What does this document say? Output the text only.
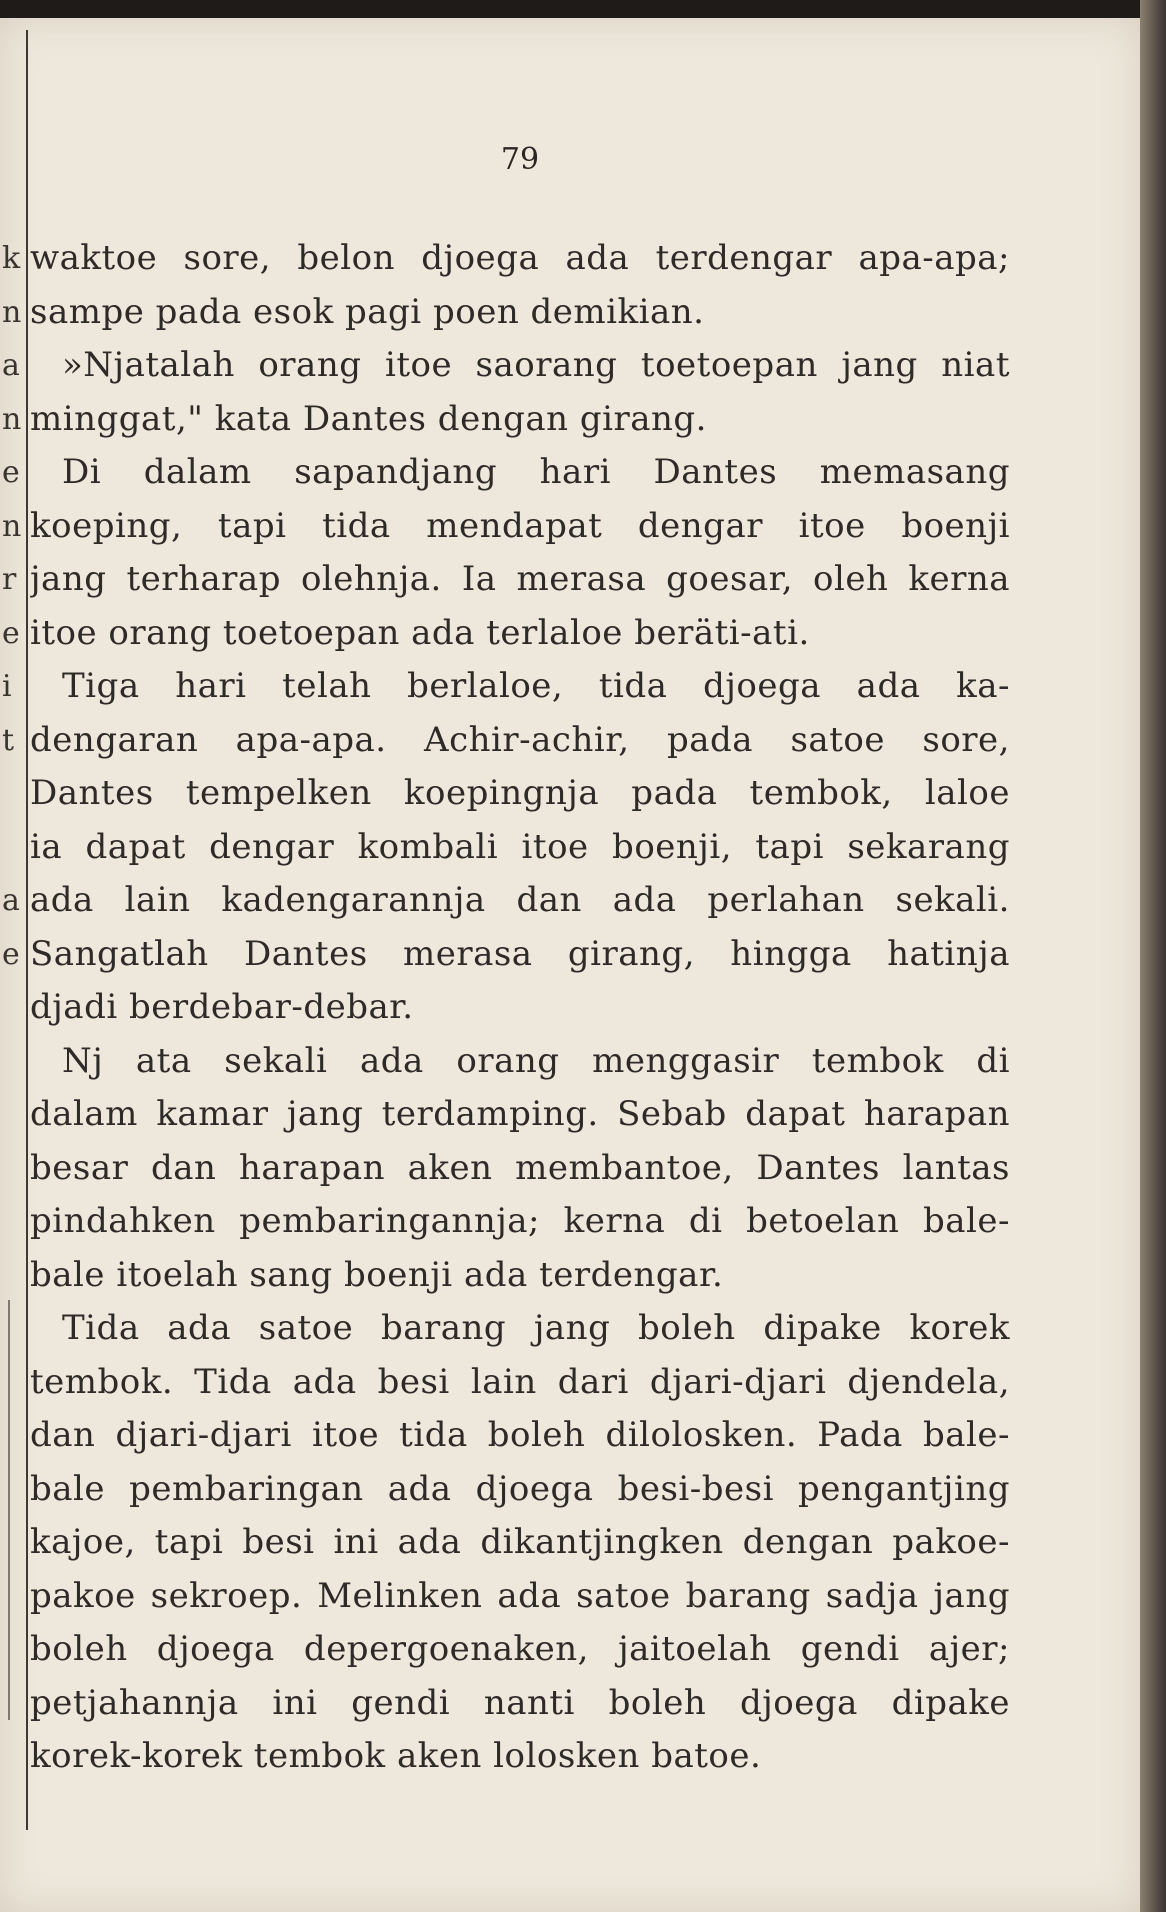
79
k
n
a
n
e
n
r
e
i
t
a
e
waktoe sore, belon djoega ada terdengar apa-apa;
sampe pada esok pagi poen demikian.
»Njatalah orang itoe saorang toetoepan jang niat
minggat," kata Dantes dengan girang.
Di dalam sapandjang hari Dantes memasang
koeping, tapi tida mendapat dengar itoe boenji
jang terharap olehnja. Ia merasa goesar, oleh kerna
itoe orang toetoepan ada terlaloe beräti-ati.
Tiga hari telah berlaloe, tida djoega ada ka-
dengaran apa-apa. Achir-achir, pada satoe sore,
Dantes tempelken koepingnja pada tembok, laloe
ia dapat dengar kombali itoe boenji, tapi sekarang
ada lain kadengarannja dan ada perlahan sekali.
Sangatlah Dantes merasa girang, hingga hatinja
djadi berdebar-debar.
Nj ata sekali ada orang menggasir tembok di
dalam kamar jang terdamping. Sebab dapat harapan
besar dan harapan aken membantoe, Dantes lantas
pindahken pembaringannja; kerna di betoelan bale-
bale itoelah sang boenji ada terdengar.
Tida ada satoe barang jang boleh dipake korek
tembok. Tida ada besi lain dari djari-djari djendela,
dan djari-djari itoe tida boleh dilolosken. Pada bale-
bale pembaringan ada djoega besi-besi pengantjing
kajoe, tapi besi ini ada dikantjingken dengan pakoe-
pakoe sekroep. Melinken ada satoe barang sadja jang
boleh djoega depergoenaken, jaitoelah gendi ajer;
petjahannja ini gendi nanti boleh djoega dipake
korek-korek tembok aken lolosken batoe.
